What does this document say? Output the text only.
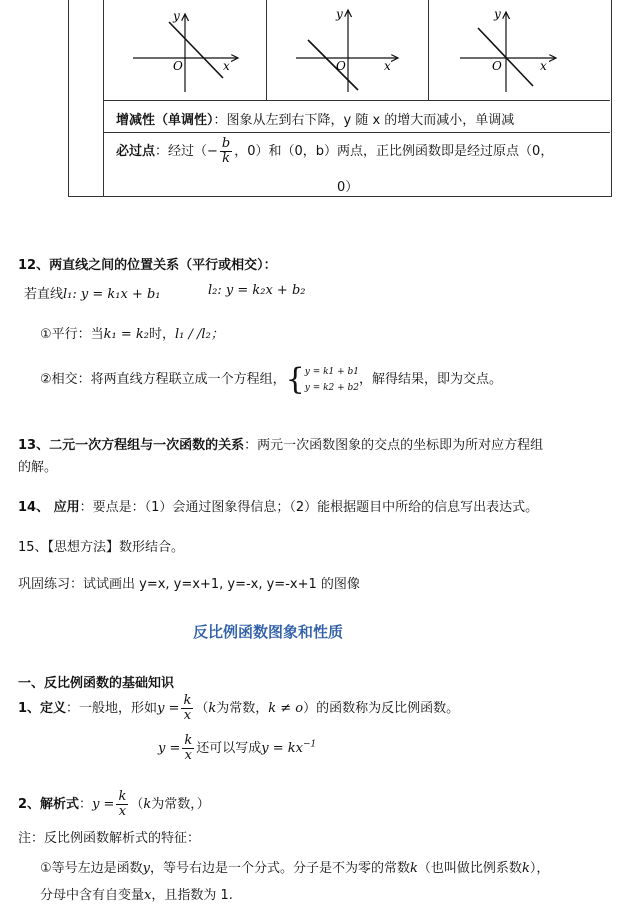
y
O	x
y
O	x
y
O	x
增减性（单调性）：图象从左到右下降，y 随 x 的增大而减小，单调减
必过点：经过（− $\frac{b}{k}$ ，0）和（0，b）两点，正比例函数即是经过原点（0，
0）
12、两直线之间的位置关系（平行或相交）：
若直线l₁: y = k₁x + b₁	l₂: y = k₂x + b₂
①平行：当k₁ = k₂时，l₁ / /l₂；
②相交：将两直线方程联立成一个方程组，{ y = k1 + b1
y = k2 + b2
，解得结果，即为交点。
13、二元一次方程组与一次函数的关系：两元一次函数图象的交点的坐标即为所对应方程组
的解。
14、 应用：要点是：（1）会通过图象得信息；（2）能根据题目中所给的信息写出表达式。
15、【思想方法】数形结合。
巩固练习：试试画出 y=x, y=x+1, y=-x, y=-x+1 的图像
反比例函数图象和性质
一、反比例函数的基础知识
1、定义：一般地，形如$y = \frac{k}{x} (k$为常数，k ≠ o）的函数称为反比例函数。
$y = \frac{k}{x}$ 还可以写成$y = kx^{-1}$
2、解析式：$y = \frac{k}{x} (k$为常数，）
注：反比例函数解析式的特征：
①等号左边是函数y，等号右边是一个分式。分子是不为零的常数k（也叫做比例系数k），
分母中含有自变量x，且指数为 1.
